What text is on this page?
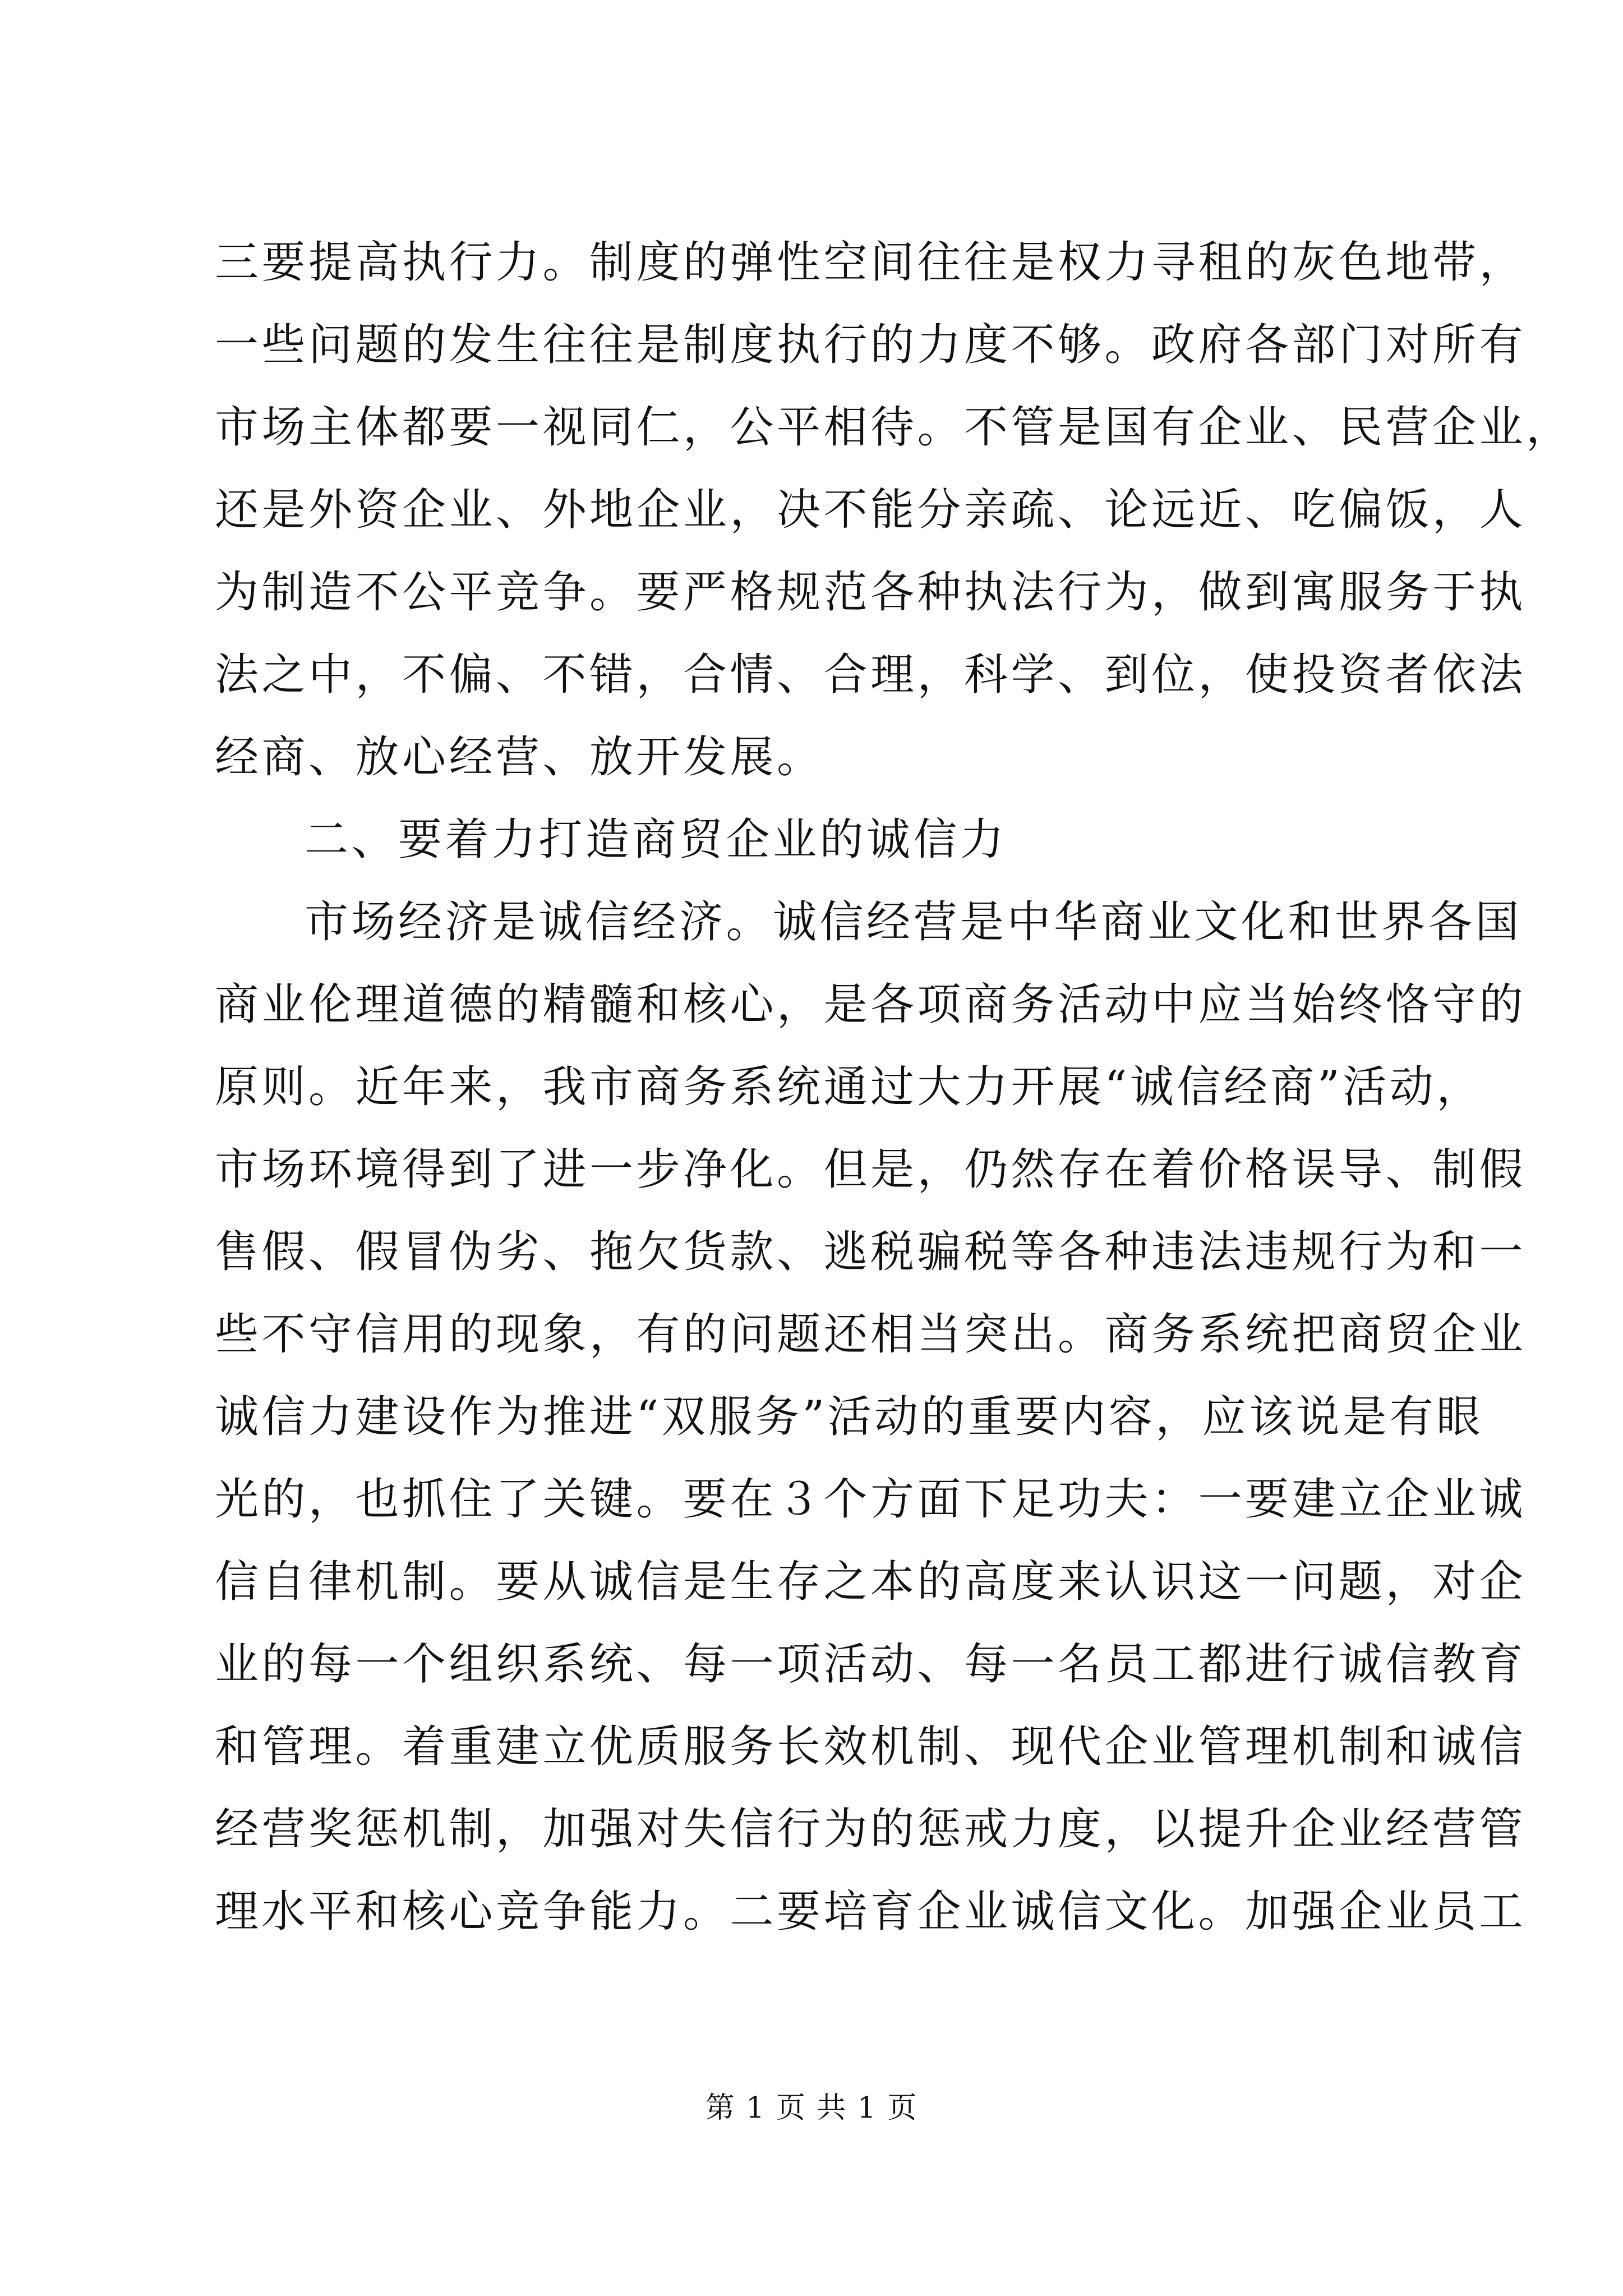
三要提高执行力。制度的弹性空间往往是权力寻租的灰色地带，
一些问题的发生往往是制度执行的力度不够。政府各部门对所有
市场主体都要一视同仁，公平相待。不管是国有企业、民营企业，
还是外资企业、外地企业，决不能分亲疏、论远近、吃偏饭，人
为制造不公平竞争。要严格规范各种执法行为，做到寓服务于执
法之中，不偏、不错，合情、合理，科学、到位，使投资者依法
经商、放心经营、放开发展。
二、要着力打造商贸企业的诚信力
市场经济是诚信经济。诚信经营是中华商业文化和世界各国
商业伦理道德的精髓和核心，是各项商务活动中应当始终恪守的
原则。近年来，我市商务系统通过大力开展“诚信经商”活动，
市场环境得到了进一步净化。但是，仍然存在着价格误导、制假
售假、假冒伪劣、拖欠货款、逃税骗税等各种违法违规行为和一
些不守信用的现象，有的问题还相当突出。商务系统把商贸企业
诚信力建设作为推进“双服务”活动的重要内容，应该说是有眼
光的，也抓住了关键。要在３个方面下足功夫：一要建立企业诚
信自律机制。要从诚信是生存之本的高度来认识这一问题，对企
业的每一个组织系统、每一项活动、每一名员工都进行诚信教育
和管理。着重建立优质服务长效机制、现代企业管理机制和诚信
经营奖惩机制，加强对失信行为的惩戒力度，以提升企业经营管
理水平和核心竞争能力。二要培育企业诚信文化。加强企业员工
第 1 页 共 1 页
